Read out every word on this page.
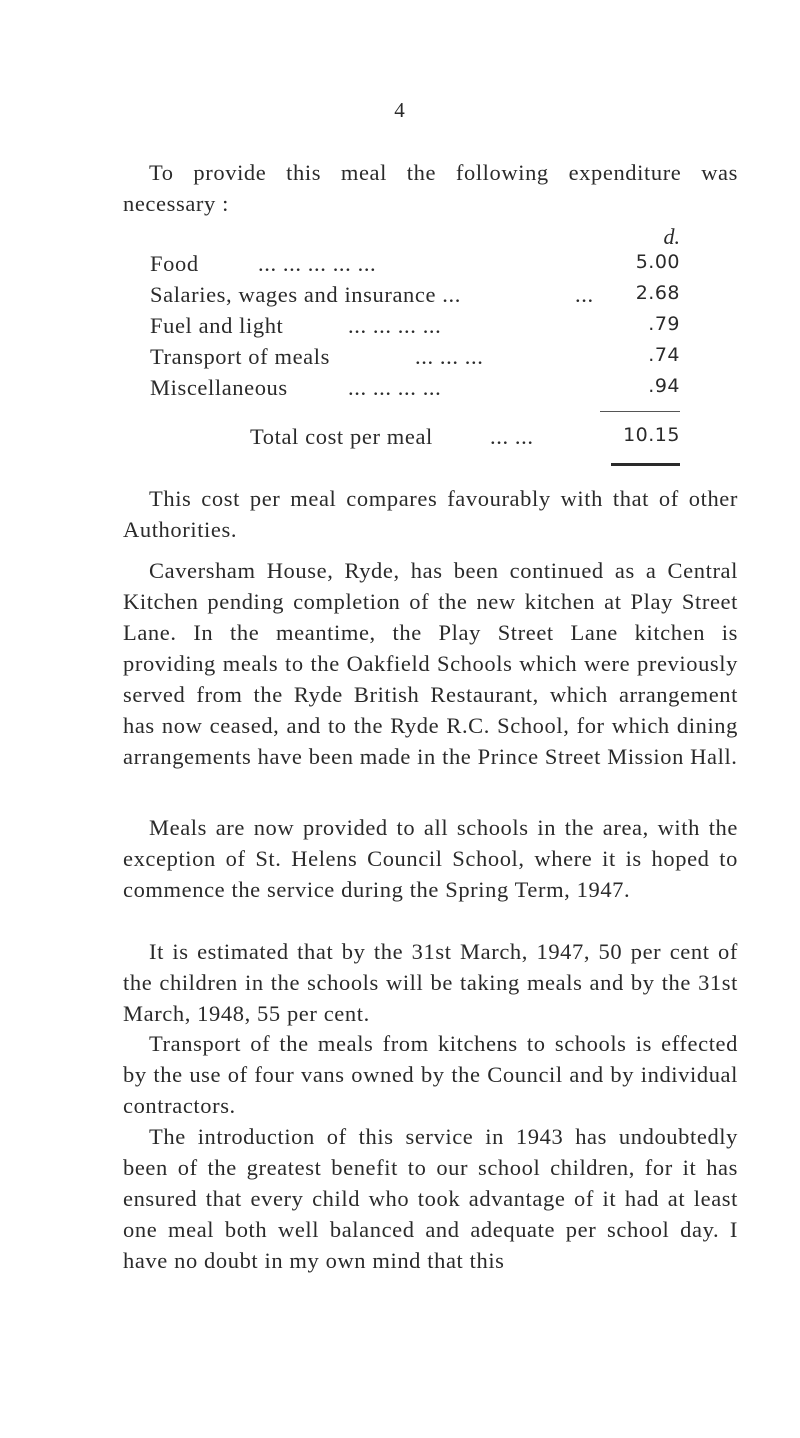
4

To provide this meal the following expenditure was necessary :

d.
Food	... ... ... ... ...	5.00
Salaries, wages and insurance ...	... 2.68
Fuel and light	... ... ... ...	.79
Transport of meals	... ... ...	.74
Miscellaneous	... ... ... ...	.94
Total cost per meal	... ...	10.15

This cost per meal compares favourably with that of other Authorities.

Caversham House, Ryde, has been continued as a Central Kitchen pending completion of the new kitchen at Play Street Lane. In the meantime, the Play Street Lane kitchen is providing meals to the Oakfield Schools which were previously served from the Ryde British Restaurant, which arrangement has now ceased, and to the Ryde R.C. School, for which dining arrangements have been made in the Prince Street Mission Hall.

Meals are now provided to all schools in the area, with the exception of St. Helens Council School, where it is hoped to commence the service during the Spring Term, 1947.

It is estimated that by the 31st March, 1947, 50 per cent of the children in the schools will be taking meals and by the 31st March, 1948, 55 per cent.

Transport of the meals from kitchens to schools is effected by the use of four vans owned by the Council and by individual contractors.

The introduction of this service in 1943 has undoubtedly been of the greatest benefit to our school children, for it has ensured that every child who took advantage of it had at least one meal both well balanced and adequate per school day. I have no doubt in my own mind that this
